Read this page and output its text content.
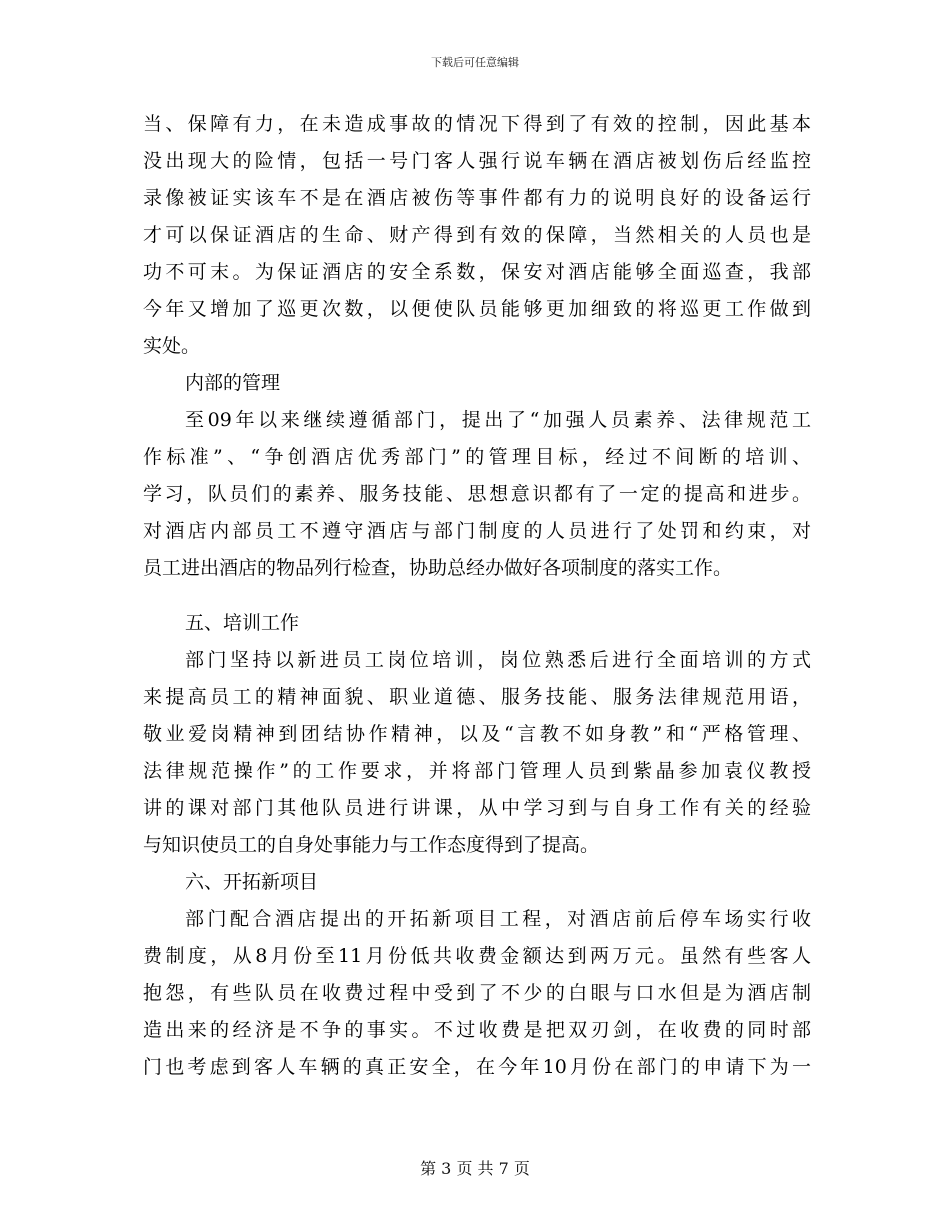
下载后可任意编辑
当、保障有力，在未造成事故的情况下得到了有效的控制，因此基本
没出现大的险情，包括一号门客人强行说车辆在酒店被划伤后经监控
录像被证实该车不是在酒店被伤等事件都有力的说明良好的设备运行
才可以保证酒店的生命、财产得到有效的保障，当然相关的人员也是
功不可末。为保证酒店的安全系数，保安对酒店能够全面巡查，我部
今年又增加了巡更次数，以便使队员能够更加细致的将巡更工作做到
实处。
内部的管理
至09年以来继续遵循部门，提出了“加强人员素养、法律规范工
作标准”、“争创酒店优秀部门”的管理目标，经过不间断的培训、
学习，队员们的素养、服务技能、思想意识都有了一定的提高和进步。
对酒店内部员工不遵守酒店与部门制度的人员进行了处罚和约束，对
员工进出酒店的物品列行检查，协助总经办做好各项制度的落实工作。
五、培训工作
部门坚持以新进员工岗位培训，岗位熟悉后进行全面培训的方式
来提高员工的精神面貌、职业道德、服务技能、服务法律规范用语，
敬业爱岗精神到团结协作精神，以及“言教不如身教”和“严格管理、
法律规范操作”的工作要求，并将部门管理人员到紫晶参加袁仪教授
讲的课对部门其他队员进行讲课，从中学习到与自身工作有关的经验
与知识使员工的自身处事能力与工作态度得到了提高。
六、开拓新项目
部门配合酒店提出的开拓新项目工程，对酒店前后停车场实行收
费制度，从8月份至11月份低共收费金额达到两万元。虽然有些客人
抱怨，有些队员在收费过程中受到了不少的白眼与口水但是为酒店制
造出来的经济是不争的事实。不过收费是把双刃剑，在收费的同时部
门也考虑到客人车辆的真正安全，在今年10月份在部门的申请下为一
第 3 页 共 7 页
